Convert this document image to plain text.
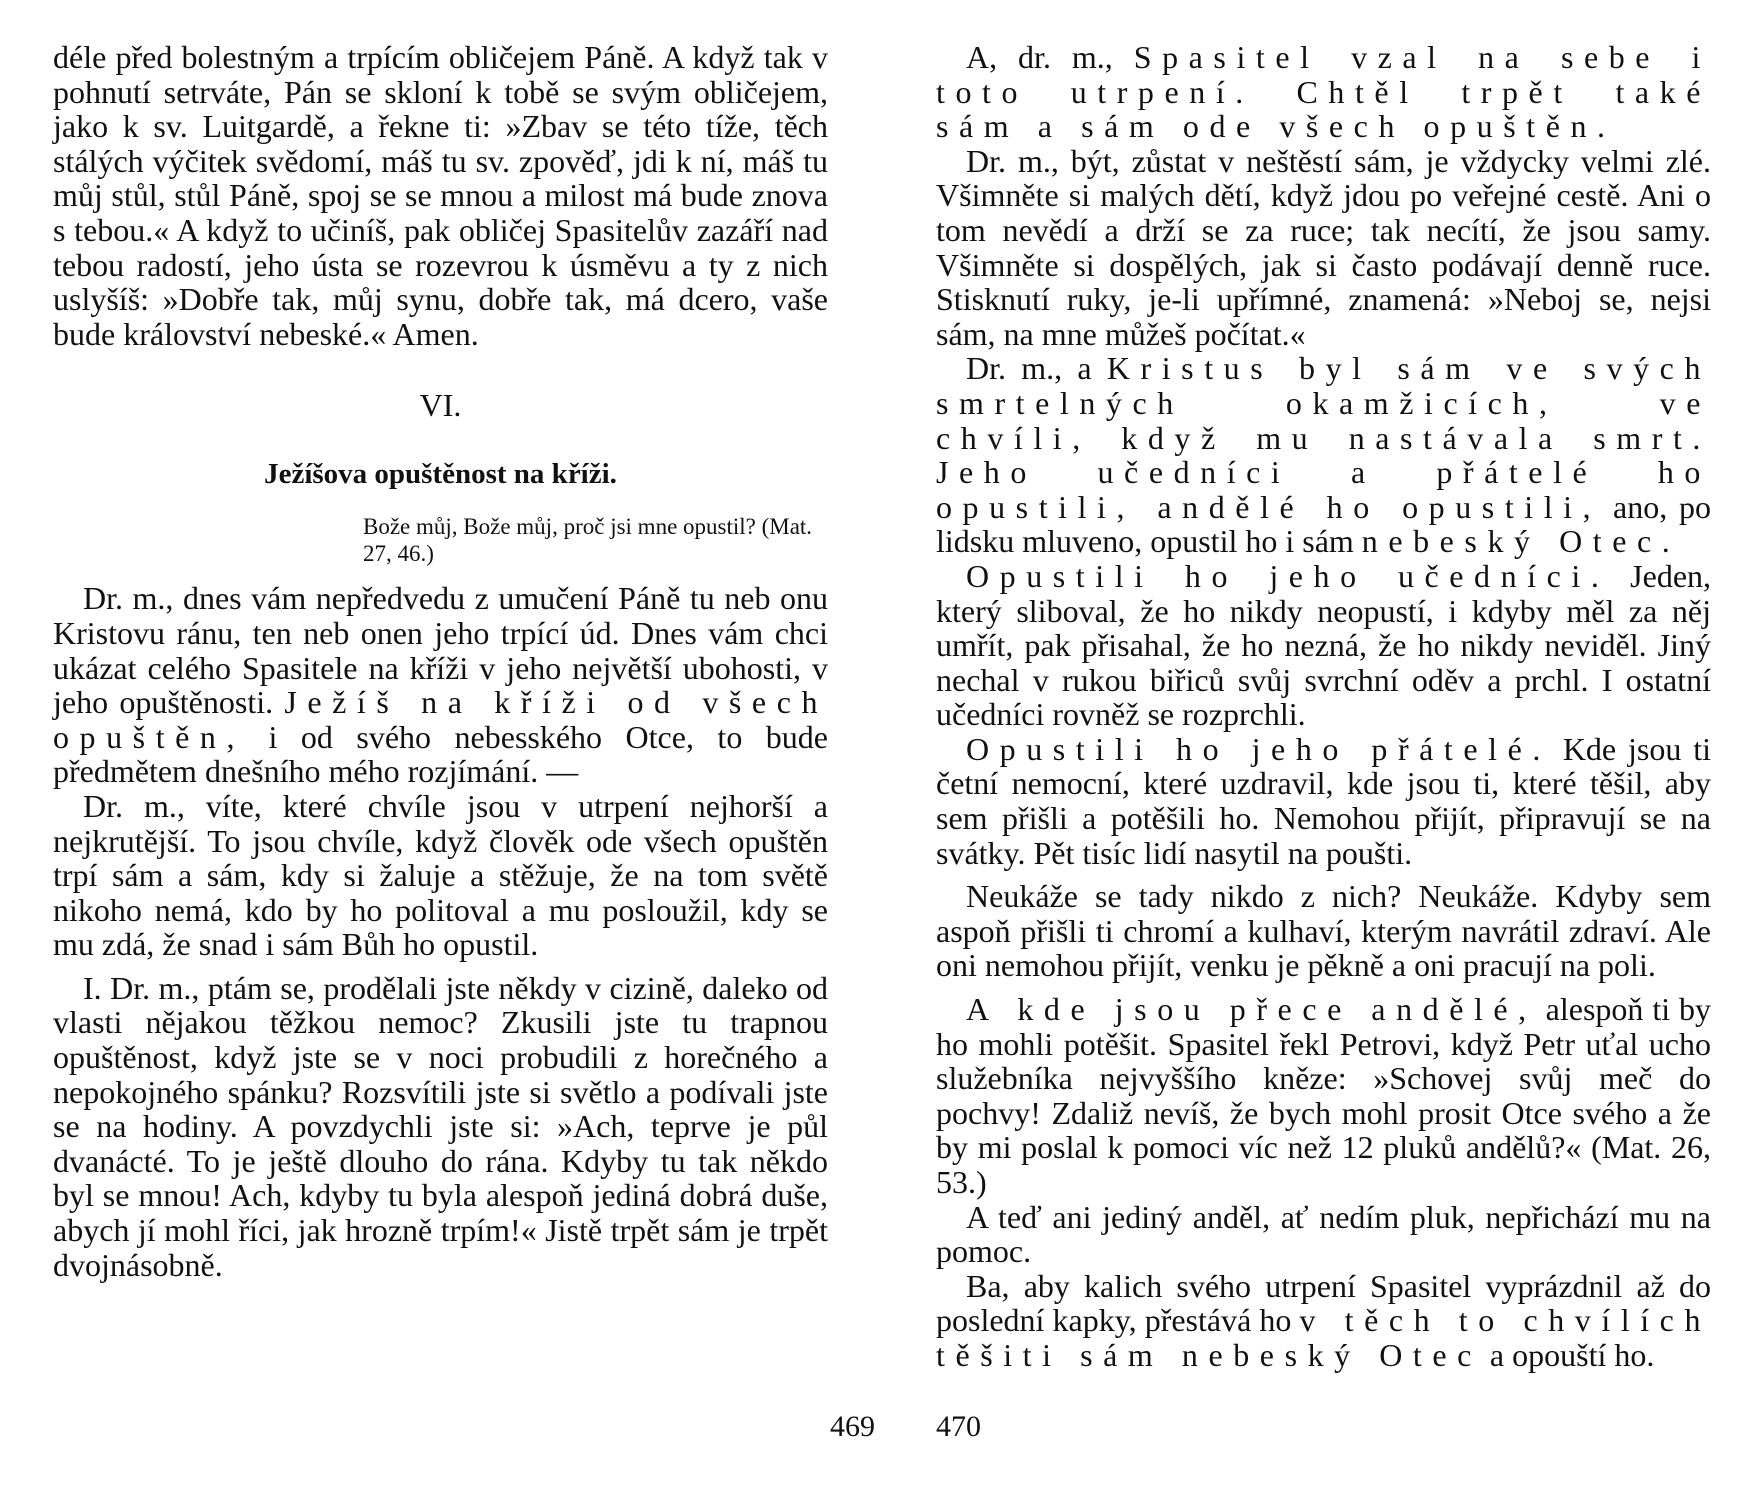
déle před bolestným a trpícím obličejem Páně. A když tak v pohnutí setrváte, Pán se skloní k tobě se svým obličejem, jako k sv. Luitgardě, a řekne ti: »Zbav se této tíže, těch stálých výčitek svědomí, máš tu sv. zpověď, jdi k ní, máš tu můj stůl, stůl Páně, spoj se se mnou a milost má bude znova s tebou.« A když to učiníš, pak obličej Spasitelův zazáří nad tebou radostí, jeho ústa se rozevrou k úsměvu a ty z nich uslyšíš: »Dobře tak, můj synu, dobře tak, má dcero, vaše bude království nebeské.« Amen.

VI.
Ježíšova opuštěnost na kříži.
Bože můj, Bože můj, proč jsi mne opustil? (Mat. 27, 46.)

Dr. m., dnes vám nepředvedu z umučení Páně tu neb onu Kristovu ránu, ten neb onen jeho trpící úd. Dnes vám chci ukázat celého Spasitele na kříži v jeho největší ubohosti, v jeho opuštěnosti. Ježíš na kříži od všech opuštěn, i od svého nebesského Otce, to bude předmětem dnešního mého rozjímání. —

Dr. m., víte, které chvíle jsou v utrpení nejhorší a nejkrutější. To jsou chvíle, když člověk ode všech opuštěn trpí sám a sám, kdy si žaluje a stěžuje, že na tom světě nikoho nemá, kdo by ho politoval a mu posloužil, kdy se mu zdá, že snad i sám Bůh ho opustil.

I. Dr. m., ptám se, prodělali jste někdy v cizině, daleko od vlasti nějakou těžkou nemoc? Zkusili jste tu trapnou opuštěnost, když jste se v noci probudili z horečného a nepokojného spánku? Rozsvítili jste si světlo a podívali jste se na hodiny. A povzdychli jste si: »Ach, teprve je půl dvanácté. To je ještě dlouho do rána. Kdyby tu tak někdo byl se mnou! Ach, kdyby tu byla alespoň jediná dobrá duše, abych jí mohl říci, jak hrozně trpím!« Jistě trpět sám je trpět dvojnásobně.

469

A, dr. m., Spasitel vzal na sebe i toto utrpení. Chtěl trpět také sám a sám ode všech opuštěn.

Dr. m., být, zůstat v neštěstí sám, je vždycky velmi zlé. Všimněte si malých dětí, když jdou po veřejné cestě. Ani o tom nevědí a drží se za ruce; tak necítí, že jsou samy. Všimněte si dospělých, jak si často podávají denně ruce. Stisknutí ruky, je-li upřímné, znamená: »Neboj se, nejsi sám, na mne můžeš počítat.«

Dr. m., a Kristus byl sám ve svých smrtelných okamžicích, ve chvíli, když mu nastávala smrt. Jeho učedníci a přátelé ho opustili, andělé ho opustili, ano, po lidsku mluveno, opustil ho i sám nebeský Otec.

Opustili ho jeho učedníci. Jeden, který sliboval, že ho nikdy neopustí, i kdyby měl za něj umřít, pak přisahal, že ho nezná, že ho nikdy neviděl. Jiný nechal v rukou biřiců svůj svrchní oděv a prchl. I ostatní učedníci rovněž se rozprchli.

Opustili ho jeho přátelé. Kde jsou ti četní nemocní, které uzdravil, kde jsou ti, které těšil, aby sem přišli a potěšili ho. Nemohou přijít, připravují se na svátky. Pět tisíc lidí nasytil na poušti.

Neukáže se tady nikdo z nich? Neukáže. Kdyby sem aspoň přišli ti chromí a kulhaví, kterým navrátil zdraví. Ale oni nemohou přijít, venku je pěkně a oni pracují na poli.

A kde jsou přece andělé, alespoň ti by ho mohli potěšit. Spasitel řekl Petrovi, když Petr uťal ucho služebníka nejvyššího kněze: »Schovej svůj meč do pochvy! Zdaliž nevíš, že bych mohl prosit Otce svého a že by mi poslal k pomoci víc než 12 pluků andělů?« (Mat. 26, 53.)

A teď ani jediný anděl, ať nedím pluk, nepřichází mu na pomoc.

Ba, aby kalich svého utrpení Spasitel vyprázdnil až do poslední kapky, přestává ho v těch to chvílích těšiti sám nebeský Otec a opouští ho.

470
